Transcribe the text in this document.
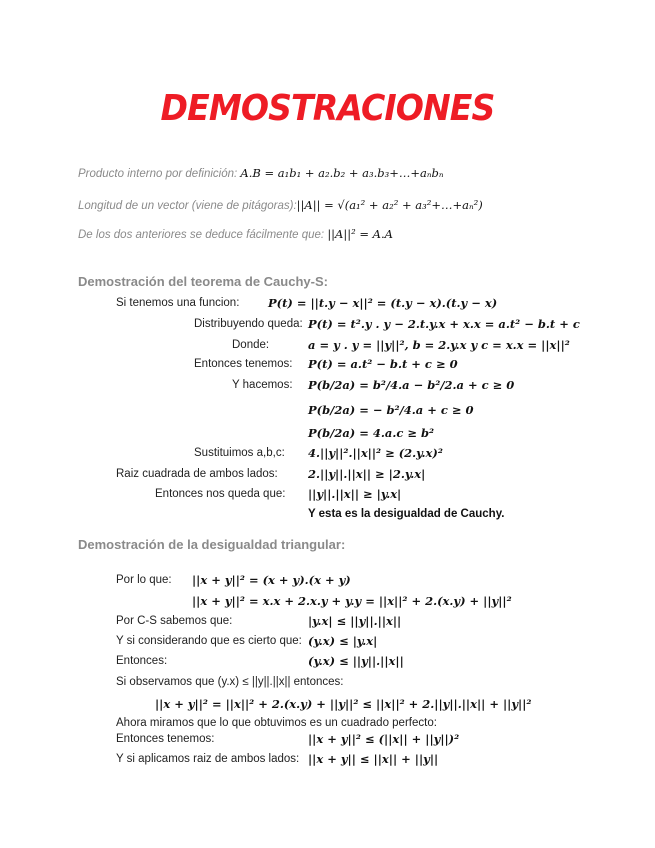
DEMOSTRACIONES
Producto interno por definición: A.B = a₁b₁ + a₂.b₂ + a₃.b₃+…+aₙbₙ
Longitud de un vector (viene de pitágoras):||A|| = √(a₁² + a₂² + a₃²+…+aₙ²)
De los dos anteriores se deduce fácilmente que: ||A||² = A.A
Demostración del teorema de Cauchy-S:
Si tenemos una funcion: P(t) = ||t.y − x||² = (t.y − x).(t.y − x)
Distribuyendo queda: P(t) = t².y . y − 2.t.y.x + x.x = a.t² − b.t + c
Donde:	a = y . y = ||y||², b = 2.y.x y c = x.x = ||x||²
Entonces tenemos: P(t) = a.t² − b.t + c ≥ 0
Y hacemos: P(b/2a) = b²/4.a − b²/2.a + c ≥ 0
P(b/2a) = − b²/4.a + c ≥ 0
P(b/2a) = 4.a.c ≥ b²
Sustituimos a,b,c: 4.||y||².||x||² ≥ (2.y.x)²
Raiz cuadrada de ambos lados:	2.||y||.||x|| ≥ |2.y.x|
Entonces nos queda que: ||y||.||x|| ≥ |y.x|
Y esta es la desigualdad de Cauchy.
Demostración de la desigualdad triangular:
Por lo que: ||x + y||² = (x + y).(x + y)
||x + y||² = x.x + 2.x.y + y.y = ||x||² + 2.(x.y) + ||y||²
Por C-S sabemos que:	|y.x| ≤ ||y||.||x||
Y si considerando que es cierto que: (y.x) ≤ |y.x|
Entonces:	(y.x) ≤ ||y||.||x||
Si observamos que (y.x) ≤ ||y||.||x|| entonces:
||x + y||² = ||x||² + 2.(x.y) + ||y||² ≤ ||x||² + 2.||y||.||x|| + ||y||²
Ahora miramos que lo que obtuvimos es un cuadrado perfecto:
Entonces tenemos:	||x + y||² ≤ (||x|| + ||y||)²
Y si aplicamos raiz de ambos lados: ||x + y|| ≤ ||x|| + ||y||
